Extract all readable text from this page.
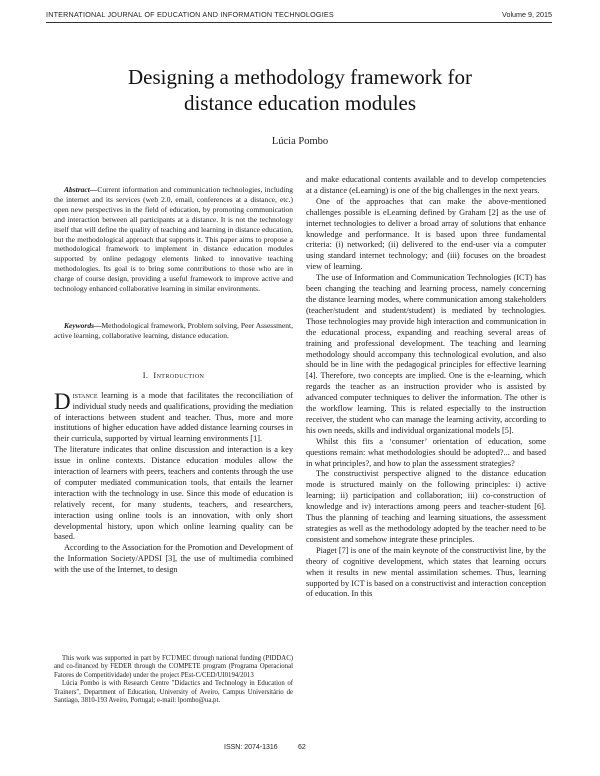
INTERNATIONAL JOURNAL OF EDUCATION AND INFORMATION TECHNOLOGIES	Volume 9, 2015
Designing a methodology framework for
distance education modules
Lúcia Pombo

Abstract—Current information and communication technologies, including the internet and its services (web 2.0, email, conferences at a distance, etc.) open new perspectives in the field of education, by promoting communication and interaction between all participants at a distance. It is not the technology itself that will define the quality of teaching and learning in distance education, but the methodological approach that supports it. This paper aims to propose a methodological framework to implement in distance education modules supported by online pedagogy elements linked to innovative teaching methodologies. Its goal is to bring some contributions to those who are in charge of course design, providing a useful framework to improve active and technology enhanced collaborative learning in similar environments.

Keywords—Methodological framework, Problem solving, Peer Assessment, active learning, collaborative learning, distance education.

I. Introduction

Distance learning is a mode that facilitates the reconciliation of individual study needs and qualifications, providing the mediation of interactions between student and teacher. Thus, more and more institutions of higher education have added distance learning courses in their curricula, supported by virtual learning environments [1].

The literature indicates that online discussion and interaction is a key issue in online contexts. Distance education modules allow the interaction of learners with peers, teachers and contents through the use of computer mediated communication tools, that entails the learner interaction with the technology in use. Since this mode of education is relatively recent, for many students, teachers, and researchers, interaction using online tools is an innovation, with only short developmental history, upon which online learning quality can be based.

According to the Association for the Promotion and Development of the Information Society/APDSI [3], the use of multimedia combined with the use of the Internet, to design

This work was supported in part by FCT/MEC through national funding (PIDDAC) and co-financed by FEDER through the COMPETE program (Programa Operacional Fatores de Competitividade) under the project PEst-C/CED/UI0194/2013

Lúcia Pombo is with Research Centre "Didactics and Technology in Education of Trainers", Department of Education, University of Aveiro, Campus Universitário de Santiago, 3810-193 Aveiro, Portugal; e-mail: lpombo@ua.pt.

and make educational contents available and to develop competencies at a distance (eLearning) is one of the big challenges in the next years.

One of the approaches that can make the above-mentioned challenges possible is eLearning defined by Graham [2] as the use of internet technologies to deliver a broad array of solutions that enhance knowledge and performance. It is based upon three fundamental criteria: (i) networked; (ii) delivered to the end-user via a computer using standard internet technology; and (iii) focuses on the broadest view of learning.

The use of Information and Communication Technologies (ICT) has been changing the teaching and learning process, namely concerning the distance learning modes, where communication among stakeholders (teacher/student and student/student) is mediated by technologies. Those technologies may provide high interaction and communication in the educational process, expanding and reaching several areas of training and professional development. The teaching and learning methodology should accompany this technological evolution, and also should be in line with the pedagogical principles for effective learning [4]. Therefore, two concepts are implied. One is the e-learning, which regards the teacher as an instruction provider who is assisted by advanced computer techniques to deliver the information. The other is the workflow learning. This is related especially to the instruction receiver, the student who can manage the learning activity, according to his own needs, skills and individual organizational models [5].

Whilst this fits a ‘consumer’ orientation of education, some questions remain: what methodologies should be adopted?... and based in what principles?, and how to plan the assessment strategies?

The constructivist perspective aligned to the distance education mode is structured mainly on the following principles: i) active learning; ii) participation and collaboration; iii) co-construction of knowledge and iv) interactions among peers and teacher-student [6]. Thus the planning of teaching and learning situations, the assessment strategies as well as the methodology adopted by the teacher need to be consistent and somehow integrate these principles.

Piaget [7] is one of the main keynote of the constructivist line, by the theory of cognitive development, which states that learning occurs when it results in new mental assimilation schemes. Thus, learning supported by ICT is based on a constructivist and interaction conception of education. In this

ISSN: 2074-1316	62
